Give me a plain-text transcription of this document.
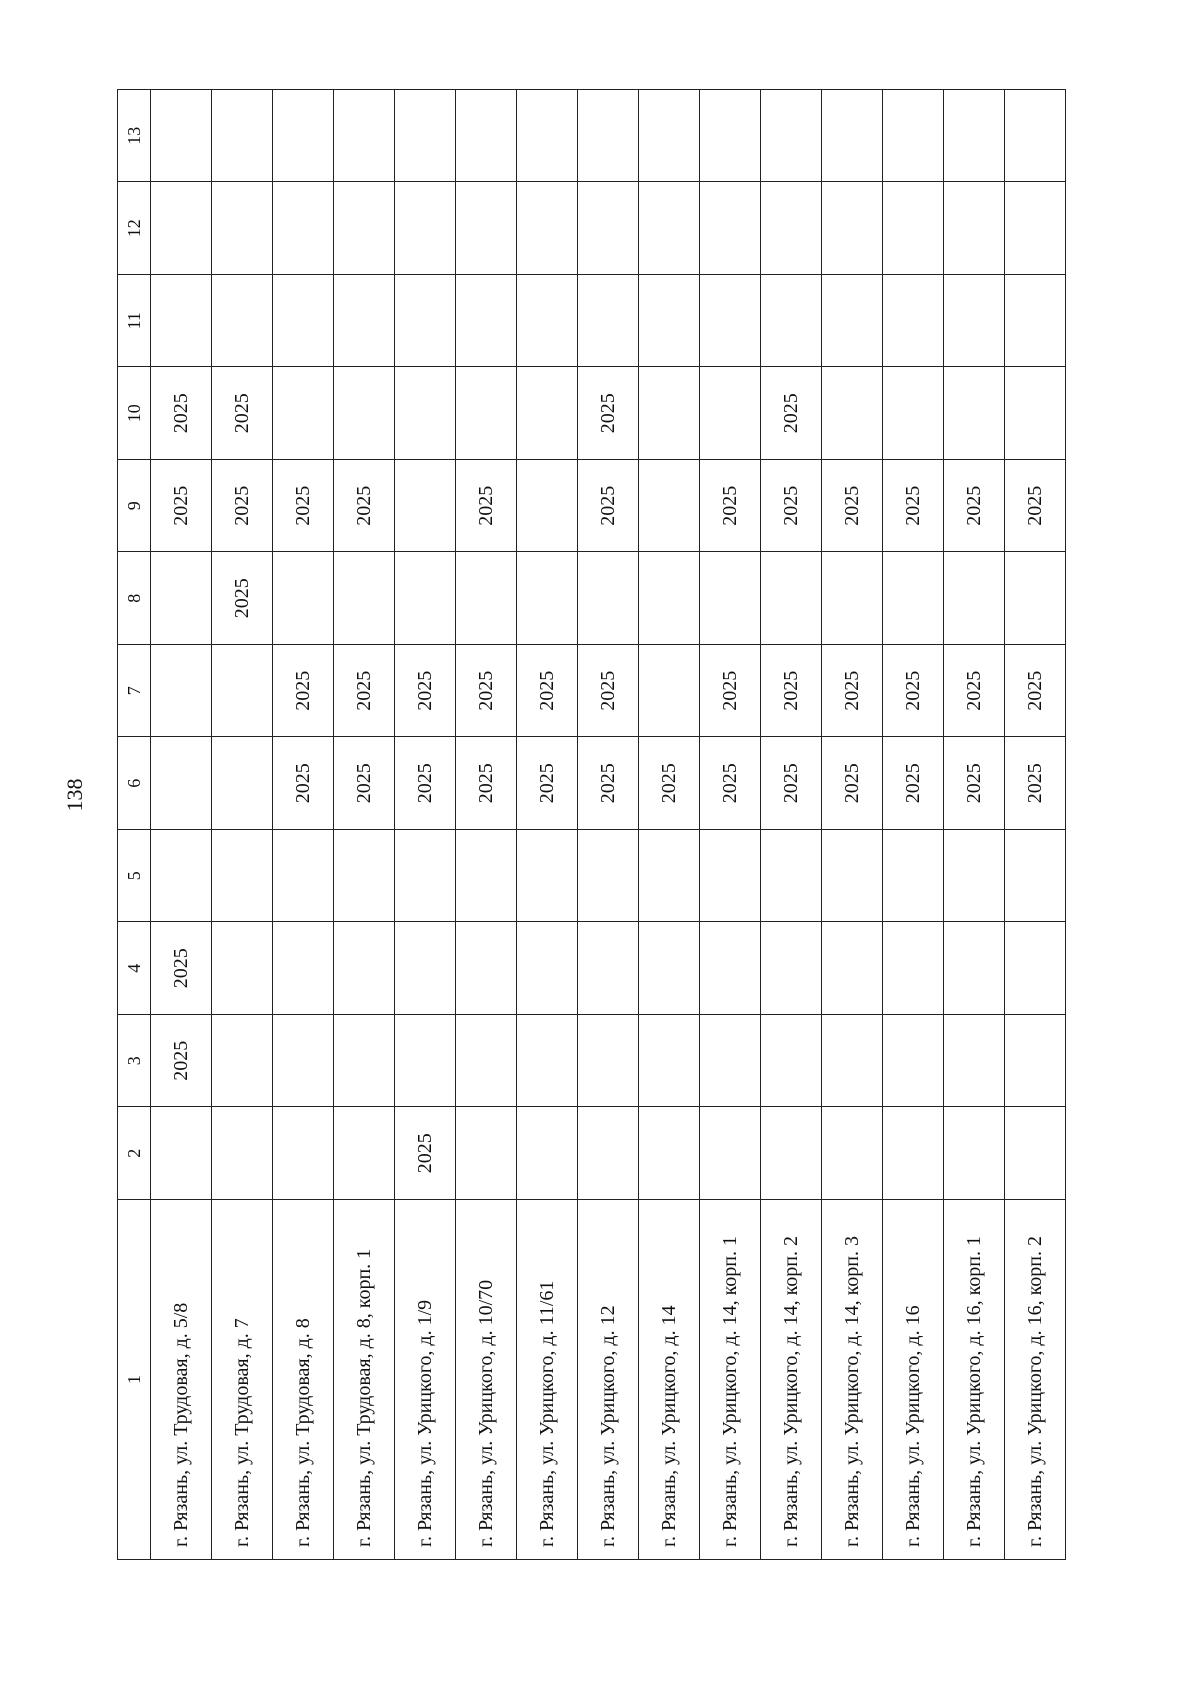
138
1	2	3	4	5	6	7	8	9	10	11	12	13
г. Рязань, ул. Трудовая, д. 5/8		2025	2025					2025	2025			
г. Рязань, ул. Трудовая, д. 7							2025	2025	2025			
г. Рязань, ул. Трудовая, д. 8					2025	2025		2025				
г. Рязань, ул. Трудовая, д. 8, корп. 1					2025	2025		2025				
г. Рязань, ул. Урицкого, д. 1/9	2025				2025	2025						
г. Рязань, ул. Урицкого, д. 10/70					2025	2025		2025				
г. Рязань, ул. Урицкого, д. 11/61					2025	2025						
г. Рязань, ул. Урицкого, д. 12					2025	2025		2025	2025			
г. Рязань, ул. Урицкого, д. 14					2025							
г. Рязань, ул. Урицкого, д. 14, корп. 1					2025	2025		2025				
г. Рязань, ул. Урицкого, д. 14, корп. 2					2025	2025		2025	2025			
г. Рязань, ул. Урицкого, д. 14, корп. 3					2025	2025		2025				
г. Рязань, ул. Урицкого, д. 16					2025	2025		2025				
г. Рязань, ул. Урицкого, д. 16, корп. 1					2025	2025		2025				
г. Рязань, ул. Урицкого, д. 16, корп. 2					2025	2025		2025				
